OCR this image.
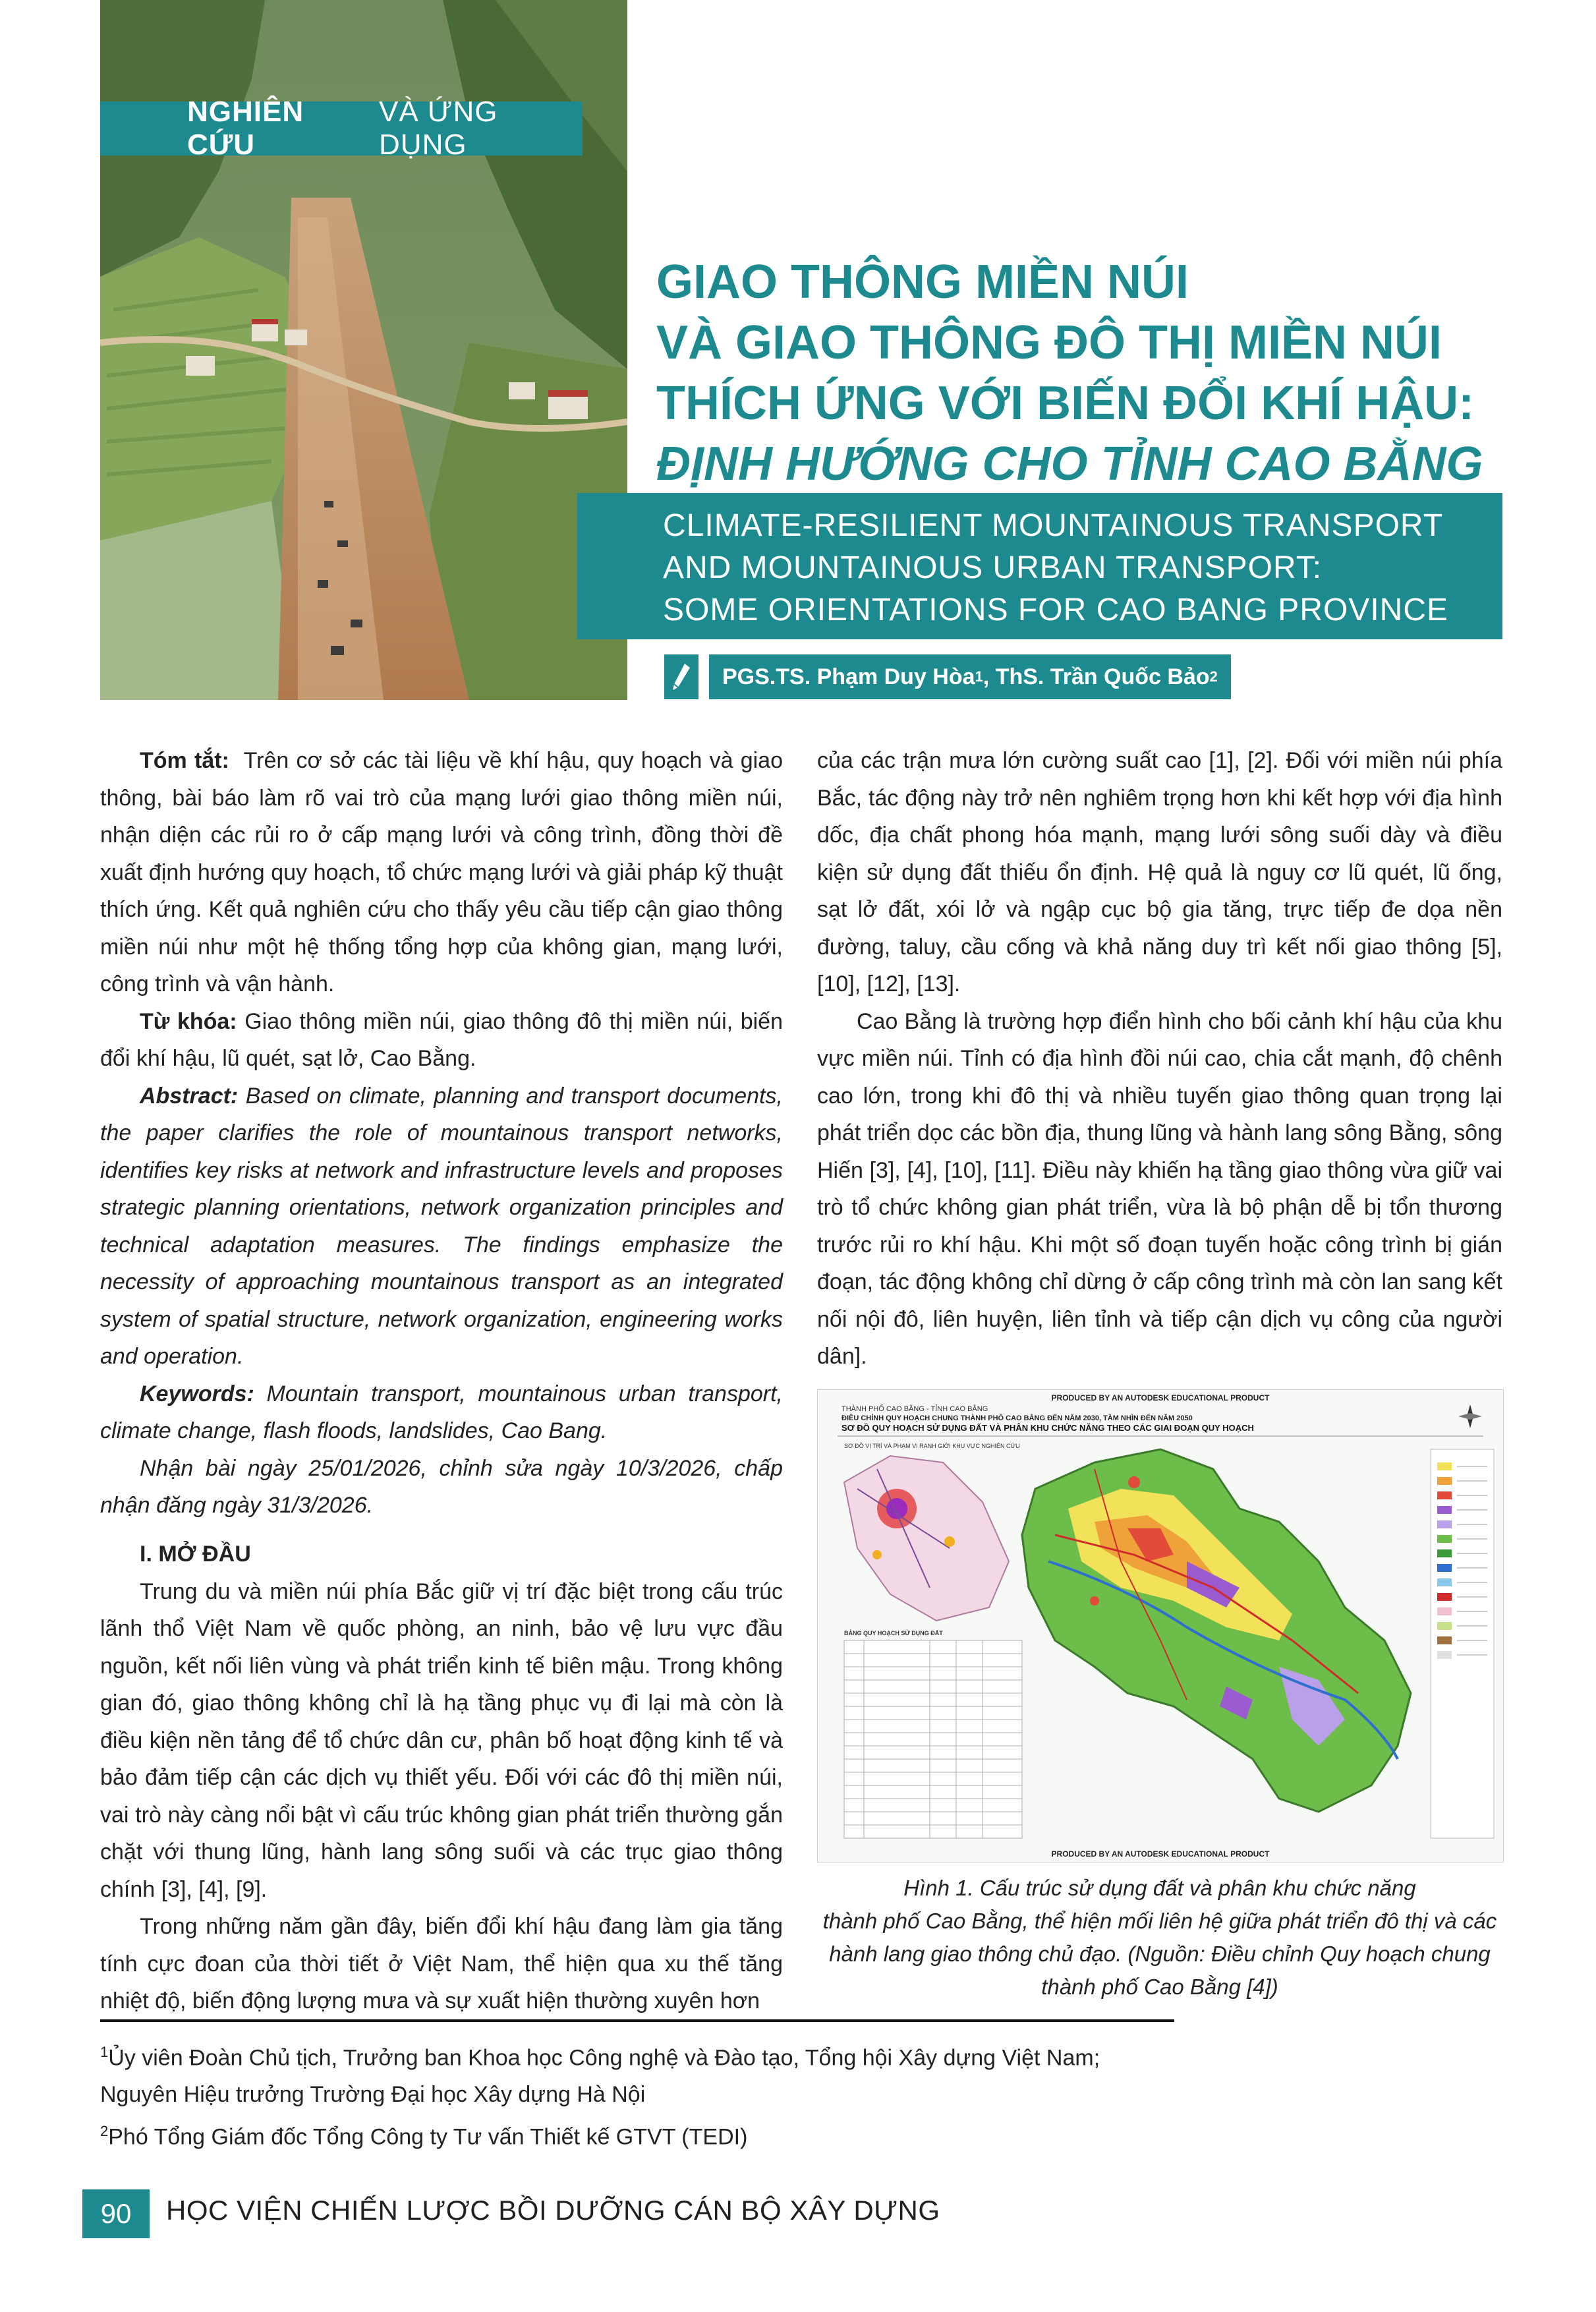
NGHIÊN CỨU
VÀ ỨNG DỤNG
GIAO THÔNG MIỀN NÚI
VÀ GIAO THÔNG ĐÔ THỊ MIỀN NÚI
THÍCH ỨNG VỚI BIẾN ĐỔI KHÍ HẬU:
ĐỊNH HƯỚNG CHO TỈNH CAO BẰNG
CLIMATE-RESILIENT MOUNTAINOUS TRANSPORT
AND MOUNTAINOUS URBAN TRANSPORT:
SOME ORIENTATIONS FOR CAO BANG PROVINCE
PGS.TS. Phạm Duy Hòa 1 , ThS. Trần Quốc Bảo 2

Tóm tắt: Trên cơ sở các tài liệu về khí hậu, quy hoạch và giao thông, bài báo làm rõ vai trò của mạng lưới giao thông miền núi, nhận diện các rủi ro ở cấp mạng lưới và công trình, đồng thời đề xuất định hướng quy hoạch, tổ chức mạng lưới và giải pháp kỹ thuật thích ứng. Kết quả nghiên cứu cho thấy yêu cầu tiếp cận giao thông miền núi như một hệ thống tổng hợp của không gian, mạng lưới, công trình và vận hành.

Từ khóa: Giao thông miền núi, giao thông đô thị miền núi, biến đổi khí hậu, lũ quét, sạt lở, Cao Bằng.

Abstract: Based on climate, planning and transport documents, the paper clarifies the role of mountainous transport networks, identifies key risks at network and infrastructure levels and proposes strategic planning orientations, network organization principles and technical adaptation measures. The findings emphasize the necessity of approaching mountainous transport as an integrated system of spatial structure, network organization, engineering works and operation.

Keywords: Mountain transport, mountainous urban transport, climate change, flash floods, landslides, Cao Bang.

Nhận bài ngày 25/01/2026, chỉnh sửa ngày 10/3/2026, chấp nhận đăng ngày 31/3/2026.

I. MỞ ĐẦU

Trung du và miền núi phía Bắc giữ vị trí đặc biệt trong cấu trúc lãnh thổ Việt Nam về quốc phòng, an ninh, bảo vệ lưu vực đầu nguồn, kết nối liên vùng và phát triển kinh tế biên mậu. Trong không gian đó, giao thông không chỉ là hạ tầng phục vụ đi lại mà còn là điều kiện nền tảng để tổ chức dân cư, phân bố hoạt động kinh tế và bảo đảm tiếp cận các dịch vụ thiết yếu. Đối với các đô thị miền núi, vai trò này càng nổi bật vì cấu trúc không gian phát triển thường gắn chặt với thung lũng, hành lang sông suối và các trục giao thông chính [3], [4], [9].

Trong những năm gần đây, biến đổi khí hậu đang làm gia tăng tính cực đoan của thời tiết ở Việt Nam, thể hiện qua xu thế tăng nhiệt độ, biến động lượng mưa và sự xuất hiện thường xuyên hơn

của các trận mưa lớn cường suất cao [1], [2]. Đối với miền núi phía Bắc, tác động này trở nên nghiêm trọng hơn khi kết hợp với địa hình dốc, địa chất phong hóa mạnh, mạng lưới sông suối dày và điều kiện sử dụng đất thiếu ổn định. Hệ quả là nguy cơ lũ quét, lũ ống, sạt lở đất, xói lở và ngập cục bộ gia tăng, trực tiếp đe dọa nền đường, taluy, cầu cống và khả năng duy trì kết nối giao thông [5], [10], [12], [13].

Cao Bằng là trường hợp điển hình cho bối cảnh khí hậu của khu vực miền núi. Tỉnh có địa hình đồi núi cao, chia cắt mạnh, độ chênh cao lớn, trong khi đô thị và nhiều tuyến giao thông quan trọng lại phát triển dọc các bồn địa, thung lũng và hành lang sông Bằng, sông Hiến [3], [4], [10], [11]. Điều này khiến hạ tầng giao thông vừa giữ vai trò tổ chức không gian phát triển, vừa là bộ phận dễ bị tổn thương trước rủi ro khí hậu. Khi một số đoạn tuyến hoặc công trình bị gián đoạn, tác động không chỉ dừng ở cấp công trình mà còn lan sang kết nối nội đô, liên huyện, liên tỉnh và tiếp cận dịch vụ công của người dân].

PRODUCED BY AN AUTODESK EDUCATIONAL PRODUCT
THÀNH PHỐ CAO BẰNG - TỈNH CAO BẰNG
ĐIỀU CHỈNH QUY HOẠCH CHUNG THÀNH PHỐ CAO BẰNG ĐẾN NĂM 2030, TẦM NHÌN ĐẾN NĂM 2050
SƠ ĐỒ QUY HOẠCH SỬ DỤNG ĐẤT VÀ PHÂN KHU CHỨC NĂNG THEO CÁC GIAI ĐOẠN QUY HOẠCH
SƠ ĐỒ VỊ TRÍ VÀ PHẠM VI RANH GIỚI KHU VỰC NGHIÊN CỨU
BẢNG QUY HOẠCH SỬ DỤNG ĐẤT
PRODUCED BY AN AUTODESK EDUCATIONAL PRODUCT
Hình 1. Cấu trúc sử dụng đất và phân khu chức năng
thành phố Cao Bằng, thể hiện mối liên hệ giữa phát triển đô thị và các
hành lang giao thông chủ đạo. (Nguồn: Điều chỉnh Quy hoạch chung
thành phố Cao Bằng [4])
$^1$Ủy viên Đoàn Chủ tịch, Trưởng ban Khoa học Công nghệ và Đào tạo, Tổng hội Xây dựng Việt Nam;
Nguyên Hiệu trưởng Trường Đại học Xây dựng Hà Nội
$^2$Phó Tổng Giám đốc Tổng Công ty Tư vấn Thiết kế GTVT (TEDI)
90	HỌC VIỆN CHIẾN LƯỢC BỒI DƯỠNG CÁN BỘ XÂY DỰNG
